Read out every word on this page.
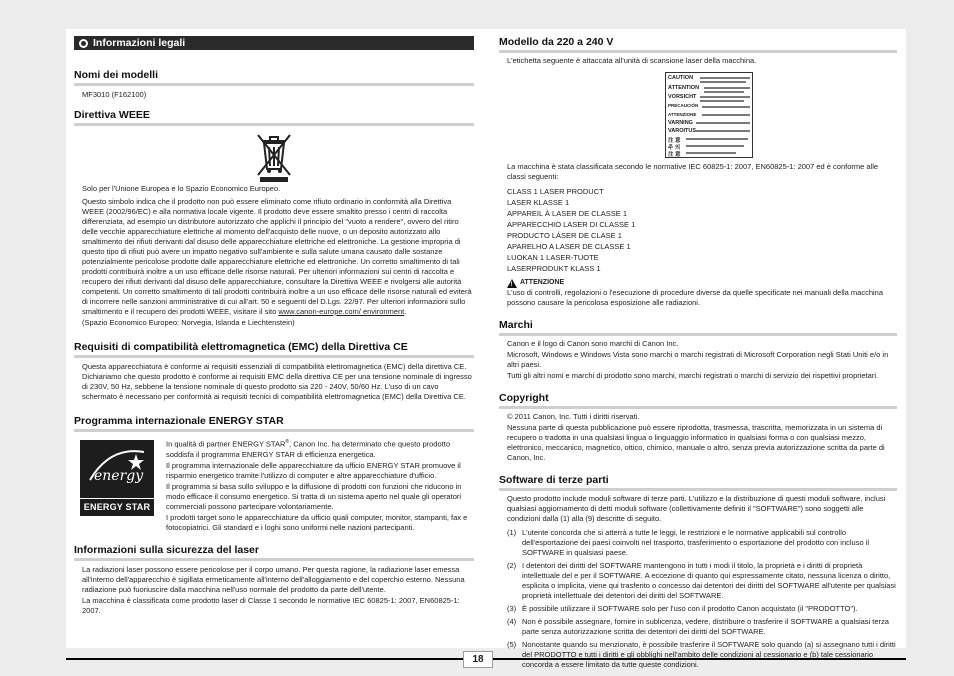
18
Informazioni legali
Nomi dei modelli
MF3010 (F162100)
Direttiva WEEE

Solo per l'Unione Europea e lo Spazio Economico Europeo.

Questo simbolo indica che il prodotto non può essere eliminato come rifiuto ordinario in conformità alla Direttiva WEEE (2002/96/EC) e alla normativa locale vigente. Il prodotto deve essere smaltito presso i centri di raccolta differenziata, ad esempio un distributore autorizzato che applichi il principio del "vuoto a rendere", ovvero del ritiro delle vecchie apparecchiature elettriche al momento dell'acquisto delle nuove, o un deposito autorizzato allo smaltimento dei rifiuti derivanti dal disuso delle apparecchiature elettriche ed elettroniche. La gestione impropria di questo tipo di rifiuti può avere un impatto negativo sull'ambiente e sulla salute umana causato dalle sostanze potenzialmente pericolose prodotte dalle apparecchiature elettriche ed elettroniche. Un corretto smaltimento di tali prodotti contribuirà inoltre a un uso efficace delle risorse naturali. Per ulteriori informazioni sui centri di raccolta e recupero dei rifiuti derivanti dal disuso delle apparecchiature, consultare la Direttiva WEEE e rivolgersi alle autorità competenti. Un corretto smaltimento di tali prodotti contribuirà inoltre a un uso efficace delle risorse naturali ed eviterà di incorrere nelle sanzioni amministrative di cui all'art. 50 e seguenti del D.Lgs. 22/97. Per ulteriori informazioni sullo smaltimento e il recupero dei prodotti WEEE, visitare il sito www.canon-europe.com/ environment.

(Spazio Economico Europeo: Norvegia, Islanda e Liechtenstein)

Requisiti di compatibilità elettromagnetica (EMC) della Direttiva CE
Questa apparecchiatura è conforme ai requisiti essenziali di compatibilità elettromagnetica (EMC) della direttiva CE. Dichiariamo che questo prodotto è conforme ai requisiti EMC della direttiva CE per una tensione nominale di ingresso di 230V, 50 Hz, sebbene la tensione nominale di questo prodotto sia 220 - 240V, 50/60 Hz. L'uso di un cavo schermato è necessario per conformità ai requisiti tecnici di compatibilità elettromagnetica (EMC) della Direttiva CE.
Programma internazionale ENERGY STAR
energy
ENERGY STAR

In qualità di partner ENERGY STAR®, Canon Inc. ha determinato che questo prodotto soddisfa il programma ENERGY STAR di efficienza energetica.

Il programma internazionale delle apparecchiature da ufficio ENERGY STAR promuove il risparmio energetico tramite l'utilizzo di computer e altre apparecchiature d'ufficio.

Il programma si basa sullo sviluppo e la diffusione di prodotti con funzioni che riducono in modo efficace il consumo energetico. Si tratta di un sistema aperto nel quale gli operatori commerciali possono partecipare volontariamente.

I prodotti target sono le apparecchiature da ufficio quali computer, monitor, stampanti, fax e fotocopiatrici. Gli standard e i loghi sono uniformi nelle nazioni partecipanti.

Informazioni sulla sicurezza del laser

La radiazioni laser possono essere pericolose per il corpo umano. Per questa ragione, la radiazione laser emessa all'interno dell'apparecchio è sigillata ermeticamente all'interno dell'alloggiamento e del coperchio esterno. Nessuna radiazione può fuoriuscire dalla macchina nell'uso normale del prodotto da parte dell'utente.

La macchina è classificata come prodotto laser di Classe 1 secondo le normative IEC 60825-1: 2007, EN60825-1: 2007.

Modello da 220 a 240 V
L'etichetta seguente è attaccata all'unità di scansione laser della macchina.
CAUTION
ATTENTION
VORSICHT
PRECAUCIÓN
ATTENZIONE
VARNING
VAROITUS
注 意
주 의
注 意

La macchina è stata classificata secondo le normative IEC 60825-1: 2007, EN60825-1: 2007 ed è conforme alle classi seguenti:

CLASS 1 LASER PRODUCT

LASER KLASSE 1

APPAREIL À LASER DE CLASSE 1

APPARECCHIO LASER DI CLASSE 1

PRODUCTO LÁSER DE CLASE 1

APARELHO A LASER DE CLASSE 1

LUOKAN 1 LASER-TUOTE

LASERPRODUKT KLASS 1

!
ATTENZIONE

L'uso di controlli, regolazioni o l'esecuzione di procedure diverse da quelle specificate nei manuali della macchina possono causare la pericolosa esposizione alle radiazioni.

Marchi

Canon e il logo di Canon sono marchi di Canon Inc.

Microsoft, Windows e Windows Vista sono marchi o marchi registrati di Microsoft Corporation negli Stati Uniti e/o in altri paesi.

Tutti gli altri nomi e marchi di prodotto sono marchi, marchi registrati o marchi di servizio dei rispettivi proprietari.

Copyright

© 2011 Canon, Inc. Tutti i diritti riservati.

Nessuna parte di questa pubblicazione può essere riprodotta, trasmessa, trascritta, memorizzata in un sistema di recupero o tradotta in una qualsiasi lingua o linguaggio informatico in qualsiasi forma o con qualsiasi mezzo, elettronico, meccanico, magnetico, ottico, chimico, manuale o altro, senza previa autorizzazione scritta da parte di Canon, Inc.

Software di terze parti

Questo prodotto include moduli software di terze parti. L'utilizzo e la distribuzione di questi moduli software, inclusi qualsiasi aggiornamento di detti moduli software (collettivamente definiti il "SOFTWARE") sono soggetti alle condizioni dalla (1) alla (9) descritte di seguito.

(1) L'utente concorda che si atterrà a tutte le leggi, le restrizioni e le normative applicabili sul controllo dell'esportazione dei paesi coinvolti nel trasporto, trasferimento o esportazione del prodotto con incluso il SOFTWARE in qualsiasi paese.
(2) I detentori dei diritti del SOFTWARE mantengono in tutti i modi il titolo, la proprietà e i diritti di proprietà intellettuale del e per il SOFTWARE. A eccezione di quanto qui espressamente citato, nessuna licenza o diritto, esplicita o implicita, viene qui trasferito o concesso dai detentori dei diritti del SOFTWARE all'utente per qualsiasi proprietà intellettuale dei detentori dei diritti del SOFTWARE.
(3) È possibile utilizzare il SOFTWARE solo per l'uso con il prodotto Canon acquistato (il "PRODOTTO").
(4) Non è possibile assegnare, fornire in sublicenza, vedere, distribuire o trasferire il SOFTWARE a qualsiasi terza parte senza autorizzazione scritta dei detentori dei diritti del SOFTWARE.
(5) Nonostante quando su menzionato, è possibile trasferire il SOFTWARE solo quando (a) si assegnano tutti i diritti del PRODOTTO e tutti i diritti e gli obblighi nell'ambito delle condizioni al cessionario e (b) tale cessionario concorda a essere limitato da tutte queste condizioni.
